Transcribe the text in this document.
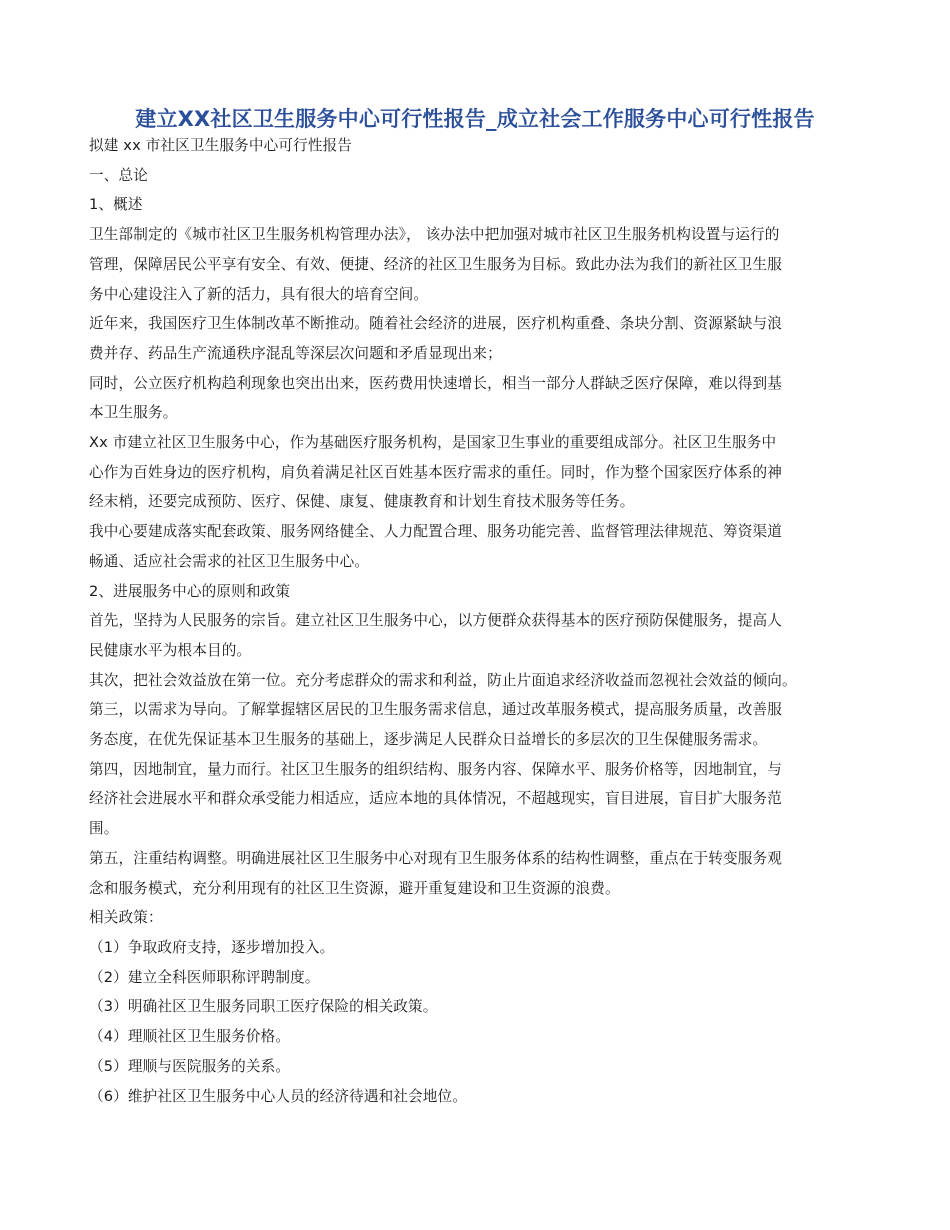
建立XX社区卫生服务中心可行性报告_成立社会工作服务中心可行性报告

拟建 xx 市社区卫生服务中心可行性报告

一、总论

1、概述

卫生部制定的《城市社区卫生服务机构管理办法》， 该办法中把加强对城市社区卫生服务机构设置与运行的

管理，保障居民公平享有安全、有效、便捷、经济的社区卫生服务为目标。致此办法为我们的新社区卫生服

务中心建设注入了新的活力，具有很大的培育空间。

近年来，我国医疗卫生体制改革不断推动。随着社会经济的进展，医疗机构重叠、条块分割、资源紧缺与浪

费并存、药品生产流通秩序混乱等深层次问题和矛盾显现出来；

同时，公立医疗机构趋利现象也突出出来，医药费用快速增长，相当一部分人群缺乏医疗保障，难以得到基

本卫生服务。

Xx 市建立社区卫生服务中心，作为基础医疗服务机构，是国家卫生事业的重要组成部分。社区卫生服务中

心作为百姓身边的医疗机构，肩负着满足社区百姓基本医疗需求的重任。同时，作为整个国家医疗体系的神

经末梢，还要完成预防、医疗、保健、康复、健康教育和计划生育技术服务等任务。

我中心要建成落实配套政策、服务网络健全、人力配置合理、服务功能完善、监督管理法律规范、筹资渠道

畅通、适应社会需求的社区卫生服务中心。

2、进展服务中心的原则和政策

首先，坚持为人民服务的宗旨。建立社区卫生服务中心，以方便群众获得基本的医疗预防保健服务，提高人

民健康水平为根本目的。

其次，把社会效益放在第一位。充分考虑群众的需求和利益，防止片面追求经济收益而忽视社会效益的倾向。

第三，以需求为导向。了解掌握辖区居民的卫生服务需求信息，通过改革服务模式，提高服务质量，改善服

务态度，在优先保证基本卫生服务的基础上，逐步满足人民群众日益增长的多层次的卫生保健服务需求。

第四，因地制宜，量力而行。社区卫生服务的组织结构、服务内容、保障水平、服务价格等，因地制宜，与

经济社会进展水平和群众承受能力相适应，适应本地的具体情况，不超越现实，盲目进展，盲目扩大服务范

围。

第五，注重结构调整。明确进展社区卫生服务中心对现有卫生服务体系的结构性调整，重点在于转变服务观

念和服务模式，充分利用现有的社区卫生资源，避开重复建设和卫生资源的浪费。

相关政策：

（1）争取政府支持，逐步增加投入。

（2）建立全科医师职称评聘制度。

（3）明确社区卫生服务同职工医疗保险的相关政策。

（4）理顺社区卫生服务价格。

（5）理顺与医院服务的关系。

（6）维护社区卫生服务中心人员的经济待遇和社会地位。
